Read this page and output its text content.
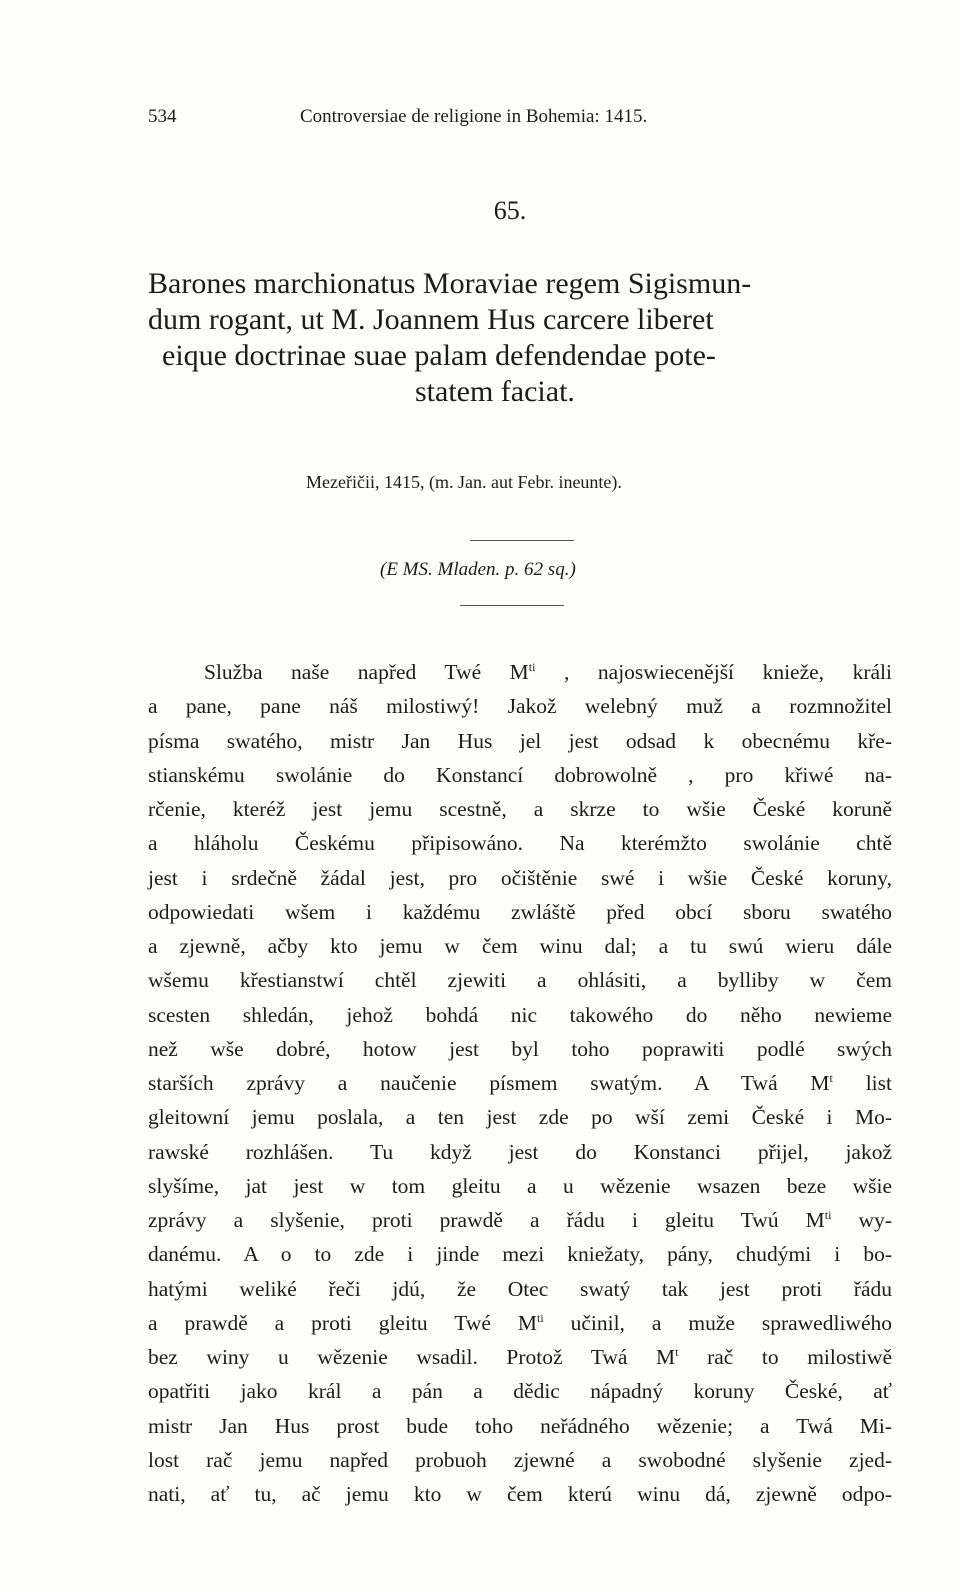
534	Controversiae de religione in Bohemia: 1415.
65.
Barones marchionatus Moraviae regem Sigismun-
dum rogant, ut M. Joannem Hus carcere liberet
eique doctrinae suae palam defendendae pote-
statem faciat.
Mezeřičii, 1415, (m. Jan. aut Febr. ineunte).
(E MS. Mladen. p. 62 sq.)
Služba naše napřed Twé $M^{ti}$ , najoswiecenější knieže, králi
a pane, pane náš milostiwý! Jakož welebný muž a rozmnožitel
písma swatého, mistr Jan Hus jel jest odsad k obecnému kře-
stianskému swolánie do Konstancí dobrowolně , pro křiwé na-
rčenie, kteréž jest jemu scestně, a skrze to wšie České koruně
a hláholu Českému připisowáno. Na kterémžto swolánie chtě
jest i srdečně žádal jest, pro očištěnie swé i wšie České koruny,
odpowiedati wšem i každému zwláště před obcí sboru swatého
a zjewně, ačby kto jemu w čem winu dal; a tu swú wieru dále
wšemu křestianstwí chtěl zjewiti a ohlásiti, a bylliby w čem
scesten shledán, jehož bohdá nic takowého do něho newieme
než wše dobré, hotow jest byl toho poprawiti podlé swých
starších zprávy a naučenie písmem swatým. A Twá $M^t$ list
gleitowní jemu poslala, a ten jest zde po wší zemi České i Mo-
rawské rozhlášen. Tu když jest do Konstanci přijel, jakož
slyšíme, jat jest w tom gleitu a u wězenie wsazen beze wšie
zprávy a slyšenie, proti prawdě a řádu i gleitu Twú $M^{ti}$ wy-
danému. A o to zde i jinde mezi kniežaty, pány, chudými i bo-
hatými weliké řeči jdú, že Otec swatý tak jest proti řádu
a prawdě a proti gleitu Twé $M^{ti}$ učinil, a muže sprawedliwého
bez winy u wězenie wsadil. Protož Twá $M^t$ rač to milostiwě
opatřiti jako král a pán a dědic nápadný koruny České, ať
mistr Jan Hus prost bude toho neřádného wězenie; a Twá Mi-
lost rač jemu napřed probuoh zjewné a swobodné slyšenie zjed-
nati, ať tu, ač jemu kto w čem kterú winu dá, zjewně odpo-
